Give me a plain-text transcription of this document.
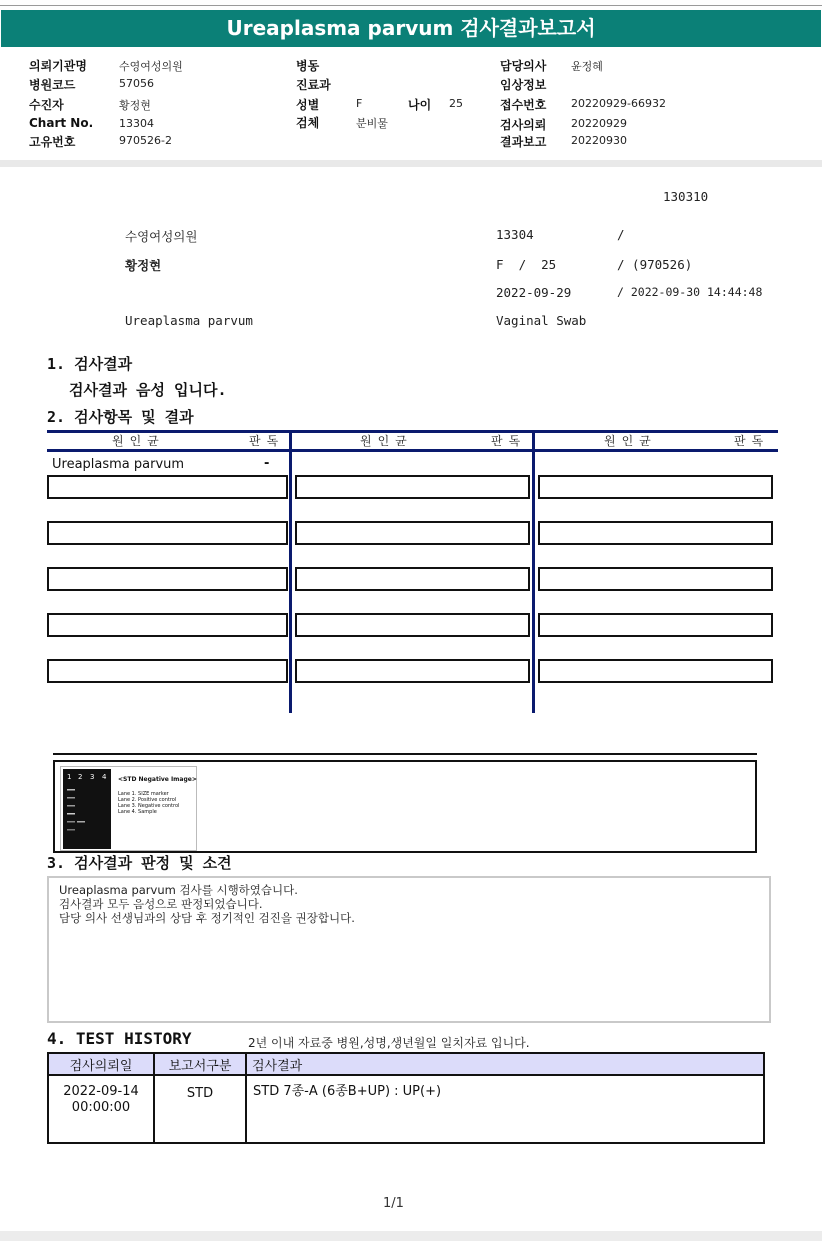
Ureaplasma parvum 검사결과보고서
의뢰기관명	수영여성의원
병원코드	57056
수진자	황정현
Chart No. 13304
고유번호	970526-2
병동
진료과
성별	F	나이 25
검체	분비물
담당의사 윤정혜
임상정보
접수번호 20220929-66932
검사의뢰 20220929
결과보고 20220930
130310
수영여성의원	13304	/
황정현	F  /  25	/ (970526)
2022-09-29	/ 2022-09-30 14:44:48
Ureaplasma parvum	Vaginal Swab
1. 검사결과
검사결과 음성 입니다.
2. 검사항목 및 결과
원인균	판독	원인균	판독	원인균	판독
Ureaplasma parvum	-
1 2 3 4 <STD Negative Image>
Lane 1. SIZE marker
Lane 2. Positive control
Lane 3. Negative control
Lane 4. Sample
3. 검사결과 판정 및 소견
Ureaplasma parvum 검사를 시행하였습니다.
검사결과 모두 음성으로 판정되었습니다.
담당 의사 선생님과의 상담 후 정기적인 검진을 권장합니다.
4. TEST HISTORY	2년 이내 자료중 병원,성명,생년월일 일치자료 입니다.
검사의뢰일	보고서구분	검사결과

2022-09-14
00:00:00	STD	STD 7종-A (6종B+UP) : UP(+)
1/1
